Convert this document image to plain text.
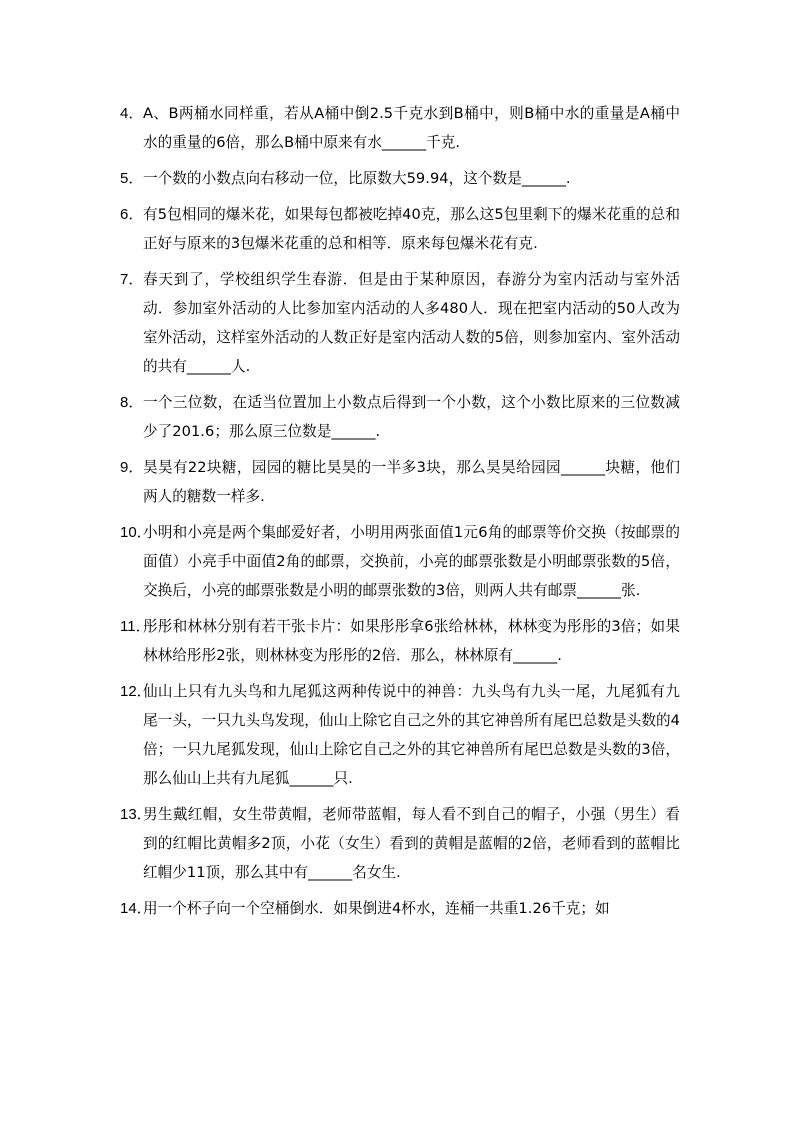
4． A、B两桶水同样重，若从A桶中倒2.5千克水到B桶中，则B桶中水的重量是A桶中水的重量的6倍，那么B桶中原来有水______千克.
5． 一个数的小数点向右移动一位，比原数大59.94，这个数是______.
6． 有5包相同的爆米花，如果每包都被吃掉40克，那么这5包里剩下的爆米花重的总和正好与原来的3包爆米花重的总和相等．原来每包爆米花有克.
7． 春天到了，学校组织学生春游．但是由于某种原因，春游分为室内活动与室外活动．参加室外活动的人比参加室内活动的人多480人．现在把室内活动的50人改为室外活动，这样室外活动的人数正好是室内活动人数的5倍，则参加室内、室外活动的共有______人.
8． 一个三位数，在适当位置加上小数点后得到一个小数，这个小数比原来的三位数减少了201.6；那么原三位数是______.
9． 昊昊有22块糖，园园的糖比昊昊的一半多3块，那么昊昊给园园______块糖，他们两人的糖数一样多.
10．
小明和小亮是两个集邮爱好者，小明用两张面值1元6角的邮票等价交换（按邮票的面值）小亮手中面值2角的邮票，交换前，小亮的邮票张数是小明邮票张数的5倍，交换后，小亮的邮票张数是小明的邮票张数的3倍，则两人共有邮票______张.
11．
彤彤和林林分别有若干张卡片：如果彤彤拿6张给林林，林林变为彤彤的3倍；如果林林给彤彤2张，则林林变为彤彤的2倍．那么，林林原有______.
12．
仙山上只有九头鸟和九尾狐这两种传说中的神兽：九头鸟有九头一尾，九尾狐有九尾一头，一只九头鸟发现，仙山上除它自己之外的其它神兽所有尾巴总数是头数的4倍；一只九尾狐发现，仙山上除它自己之外的其它神兽所有尾巴总数是头数的3倍，那么仙山上共有九尾狐______只.
13．
男生戴红帽，女生带黄帽，老师带蓝帽，每人看不到自己的帽子，小强（男生）看到的红帽比黄帽多2顶，小花（女生）看到的黄帽是蓝帽的2倍，老师看到的蓝帽比红帽少11顶，那么其中有______名女生.
14．
用一个杯子向一个空桶倒水．如果倒进4杯水，连桶一共重1.26千克；如
